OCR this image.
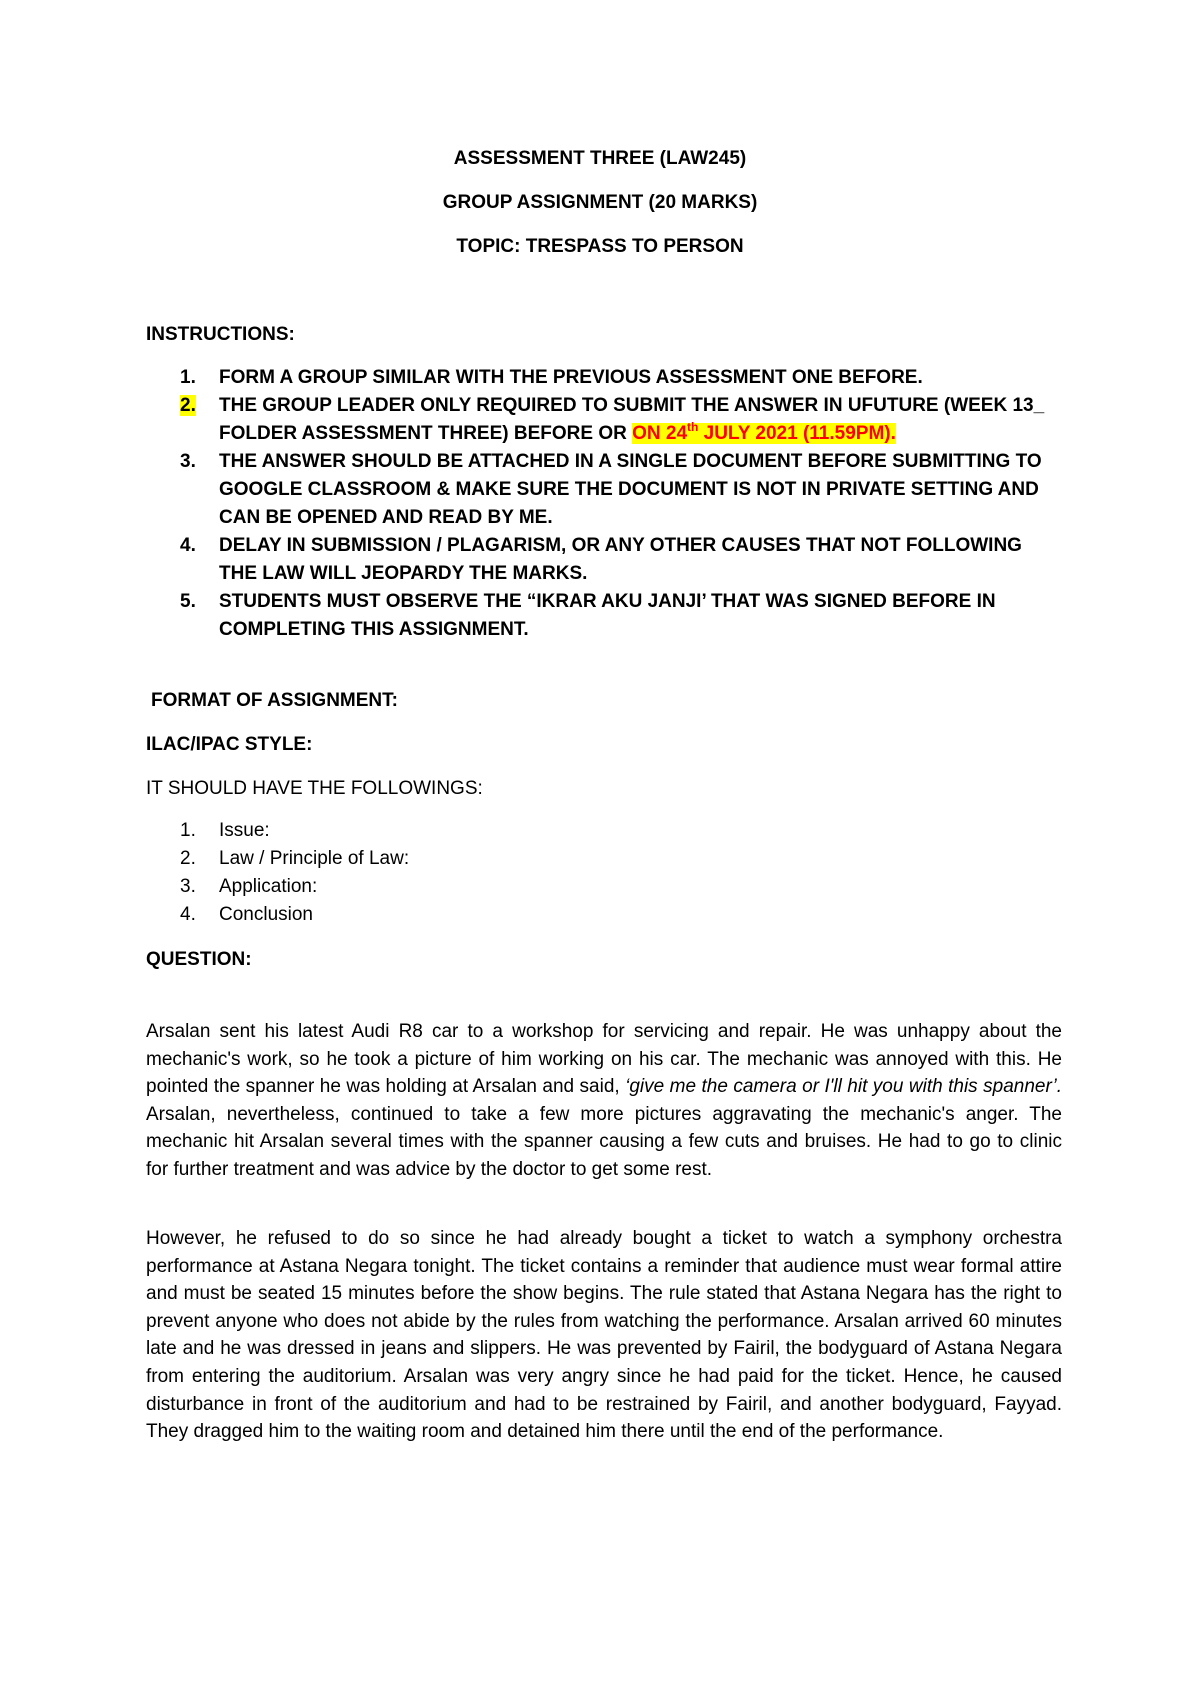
ASSESSMENT THREE (LAW245)
GROUP ASSIGNMENT (20 MARKS)
TOPIC: TRESPASS TO PERSON
INSTRUCTIONS:
1.	FORM A GROUP SIMILAR WITH THE PREVIOUS ASSESSMENT ONE BEFORE.
2.	THE GROUP LEADER ONLY REQUIRED TO SUBMIT THE ANSWER IN UFUTURE (WEEK 13_ FOLDER ASSESSMENT THREE) BEFORE OR ON 24th JULY 2021 (11.59PM).
3.	THE ANSWER SHOULD BE ATTACHED IN A SINGLE DOCUMENT BEFORE SUBMITTING TO GOOGLE CLASSROOM & MAKE SURE THE DOCUMENT IS NOT IN PRIVATE SETTING AND CAN BE OPENED AND READ BY ME.
4.	DELAY IN SUBMISSION / PLAGARISM, OR ANY OTHER CAUSES THAT NOT FOLLOWING THE LAW WILL JEOPARDY THE MARKS.
5.	STUDENTS MUST OBSERVE THE “IKRAR AKU JANJI’ THAT WAS SIGNED BEFORE IN COMPLETING THIS ASSIGNMENT.
FORMAT OF ASSIGNMENT:
ILAC/IPAC STYLE:
IT SHOULD HAVE THE FOLLOWINGS:
1.	Issue:
2.	Law / Principle of Law:
3.	Application:
4.	Conclusion
QUESTION:
Arsalan sent his latest Audi R8 car to a workshop for servicing and repair. He was unhappy about the mechanic's work, so he took a picture of him working on his car. The mechanic was annoyed with this. He pointed the spanner he was holding at Arsalan and said, ‘give me the camera or I'll hit you with this spanner’. Arsalan, nevertheless, continued to take a few more pictures aggravating the mechanic's anger. The mechanic hit Arsalan several times with the spanner causing a few cuts and bruises. He had to go to clinic for further treatment and was advice by the doctor to get some rest.
However, he refused to do so since he had already bought a ticket to watch a symphony orchestra performance at Astana Negara tonight. The ticket contains a reminder that audience must wear formal attire and must be seated 15 minutes before the show begins. The rule stated that Astana Negara has the right to prevent anyone who does not abide by the rules from watching the performance. Arsalan arrived 60 minutes late and he was dressed in jeans and slippers. He was prevented by Fairil, the bodyguard of Astana Negara from entering the auditorium. Arsalan was very angry since he had paid for the ticket. Hence, he caused disturbance in front of the auditorium and had to be restrained by Fairil, and another bodyguard, Fayyad. They dragged him to the waiting room and detained him there until the end of the performance.
